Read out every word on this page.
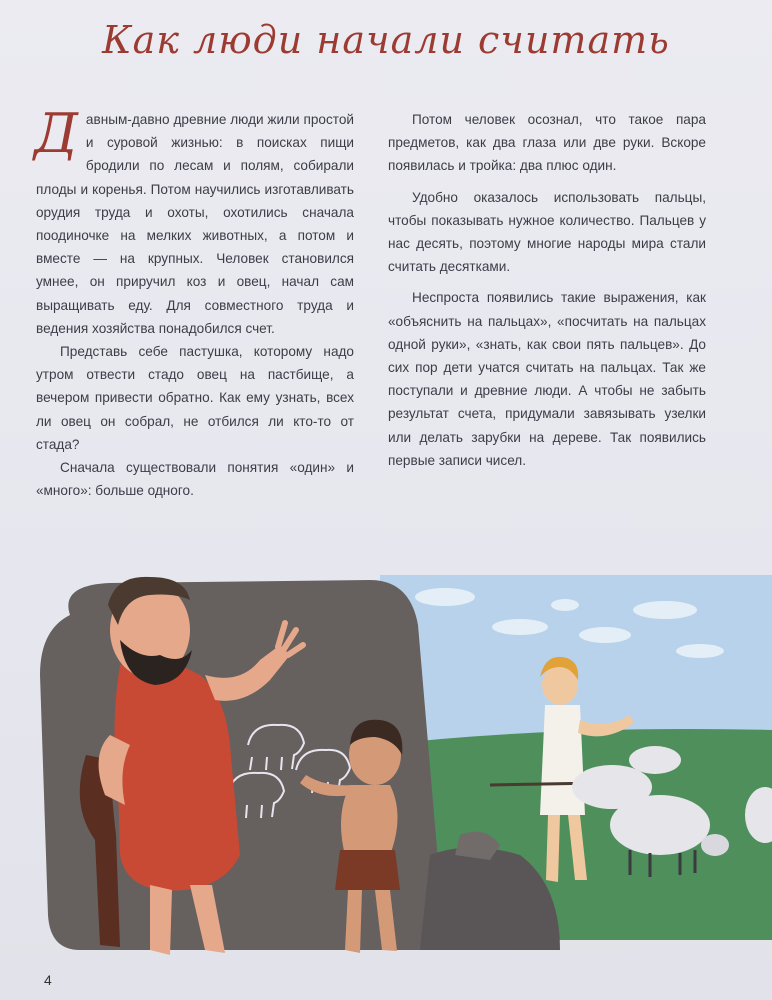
Как люди начали считать

Давным-давно древние люди жили простой и суровой жизнью: в поисках пищи бродили по лесам и полям, собирали плоды и коренья. Потом научились изготавливать орудия труда и охоты, охотились сначала поодиночке на мелких животных, а потом и вместе — на крупных. Человек становился умнее, он приручил коз и овец, начал сам выращивать еду. Для совместного труда и ведения хозяйства понадобился счет.

Представь себе пастушка, которому надо утром отвести стадо овец на пастбище, а вечером привести обратно. Как ему узнать, всех ли овец он собрал, не отбился ли кто-то от стада?

Сначала существовали понятия «один» и «много»: больше одного.

Потом человек осознал, что такое пара предметов, как два глаза или две руки. Вскоре появилась и тройка: два плюс один.

Удобно оказалось использовать пальцы, чтобы показывать нужное количество. Пальцев у нас десять, поэтому многие народы мира стали считать десятками.

Неспроста появились такие выражения, как «объяснить на пальцах», «посчитать на пальцах одной руки», «знать, как свои пять пальцев». До сих пор дети учатся считать на пальцах. Так же поступали и древние люди. А чтобы не забыть результат счета, придумали завязывать узелки или делать зарубки на дереве. Так появились первые записи чисел.

4
